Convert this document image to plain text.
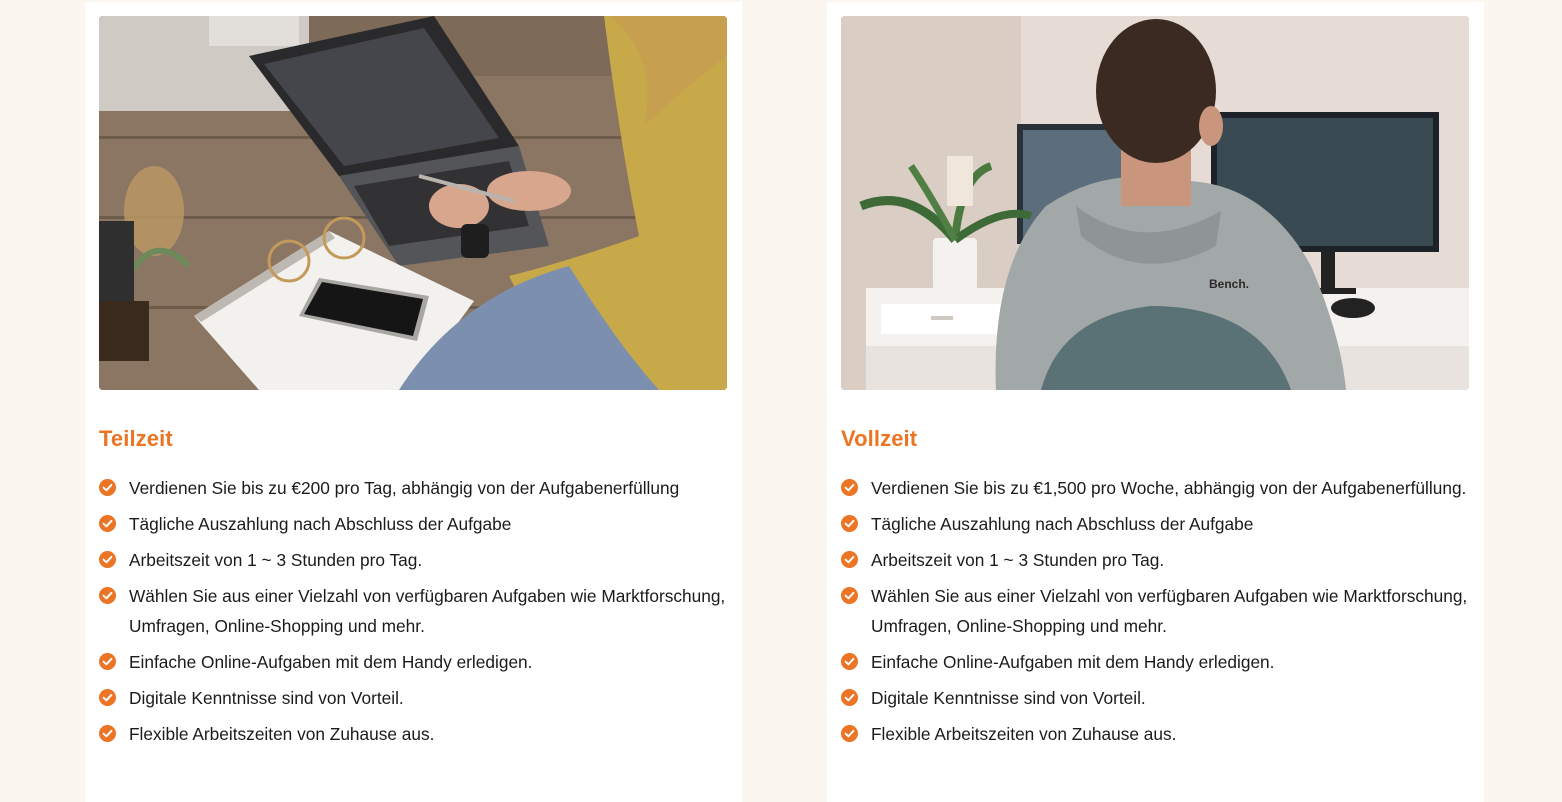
Teilzeit
Verdienen Sie bis zu €200 pro Tag, abhängig von der Aufgabenerfüllung
Tägliche Auszahlung nach Abschluss der Aufgabe
Arbeitszeit von 1 ~ 3 Stunden pro Tag.
Wählen Sie aus einer Vielzahl von verfügbaren Aufgaben wie Marktforschung, Umfragen, Online-Shopping und mehr.
Einfache Online-Aufgaben mit dem Handy erledigen.
Digitale Kenntnisse sind von Vorteil.
Flexible Arbeitszeiten von Zuhause aus.
Bench.
Vollzeit
Verdienen Sie bis zu €1,500 pro Woche, abhängig von der Aufgabenerfüllung.
Tägliche Auszahlung nach Abschluss der Aufgabe
Arbeitszeit von 1 ~ 3 Stunden pro Tag.
Wählen Sie aus einer Vielzahl von verfügbaren Aufgaben wie Marktforschung, Umfragen, Online-Shopping und mehr.
Einfache Online-Aufgaben mit dem Handy erledigen.
Digitale Kenntnisse sind von Vorteil.
Flexible Arbeitszeiten von Zuhause aus.
